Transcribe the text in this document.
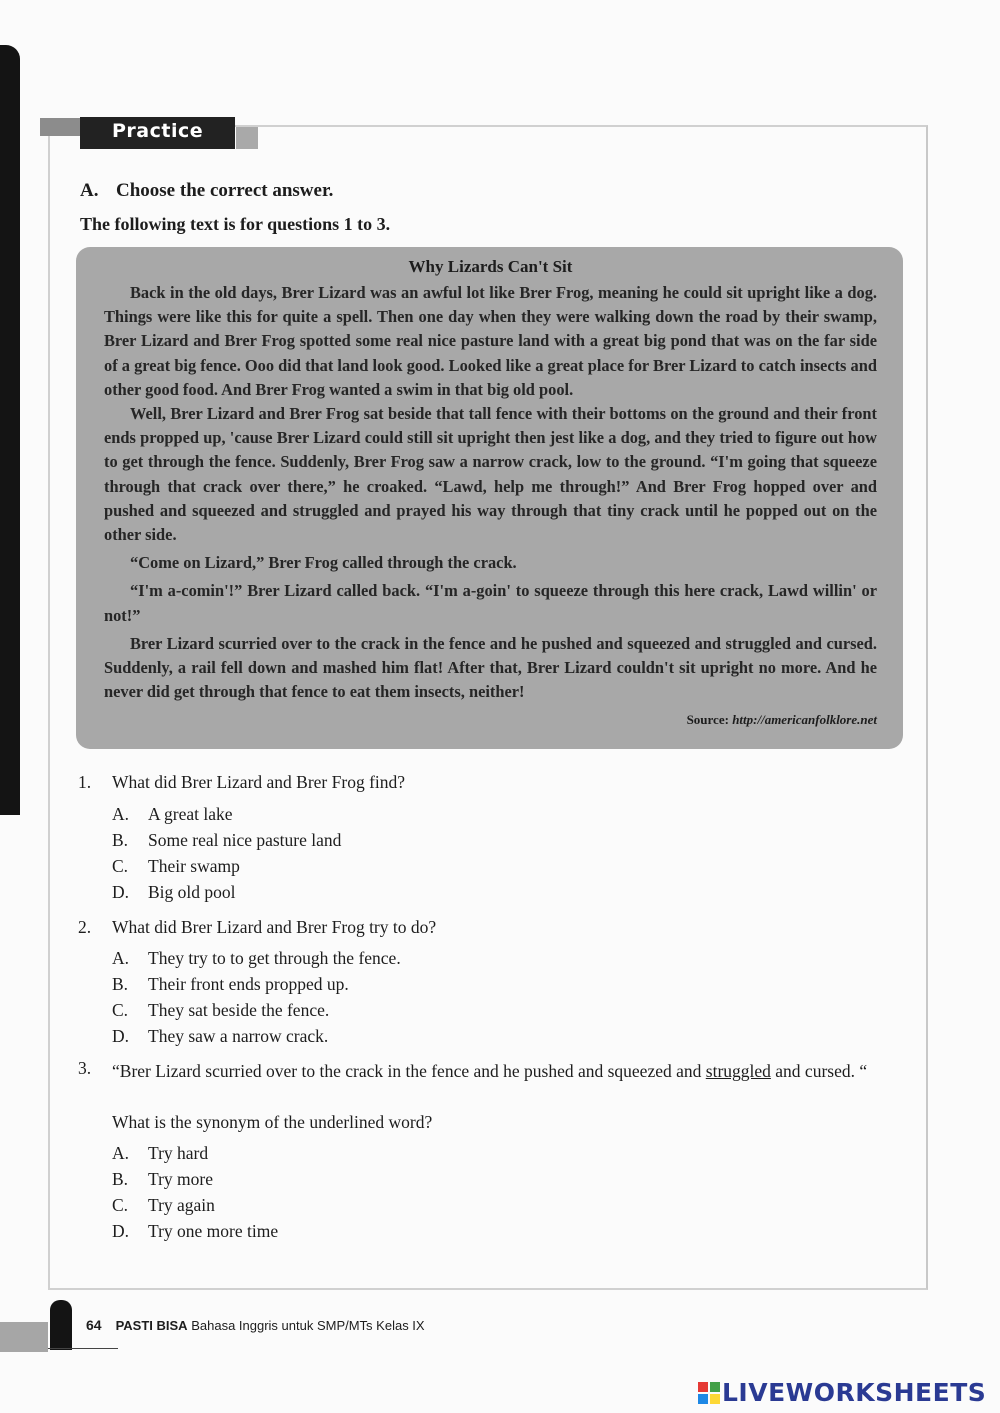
Practice
A. Choose the correct answer.
The following text is for questions 1 to 3.
Why Lizards Can't Sit

Back in the old days, Brer Lizard was an awful lot like Brer Frog, meaning he could sit upright like a dog. Things were like this for quite a spell. Then one day when they were walking down the road by their swamp, Brer Lizard and Brer Frog spotted some real nice pasture land with a great big pond that was on the far side of a great big fence. Ooo did that land look good. Looked like a great place for Brer Lizard to catch insects and other good food. And Brer Frog wanted a swim in that big old pool.

Well, Brer Lizard and Brer Frog sat beside that tall fence with their bottoms on the ground and their front ends propped up, 'cause Brer Lizard could still sit upright then jest like a dog, and they tried to figure out how to get through the fence. Suddenly, Brer Frog saw a narrow crack, low to the ground. “I'm going that squeeze through that crack over there,” he croaked. “Lawd, help me through!” And Brer Frog hopped over and pushed and squeezed and struggled and prayed his way through that tiny crack until he popped out on the other side.

“Come on Lizard,” Brer Frog called through the crack.

“I'm a-comin'!” Brer Lizard called back. “I'm a-goin' to squeeze through this here crack, Lawd willin' or not!”

Brer Lizard scurried over to the crack in the fence and he pushed and squeezed and struggled and cursed. Suddenly, a rail fell down and mashed him flat! After that, Brer Lizard couldn't sit upright no more. And he never did get through that fence to eat them insects, neither!

Source: http://americanfolklore.net
1. What did Brer Lizard and Brer Frog find?
A. A great lake
B. Some real nice pasture land
C. Their swamp
D. Big old pool
2. What did Brer Lizard and Brer Frog try to do?
A. They try to to get through the fence.
B. Their front ends propped up.
C. They sat beside the fence.
D. They saw a narrow crack.
3. “Brer Lizard scurried over to the crack in the fence and he pushed and squeezed and struggled and cursed. “
What is the synonym of the underlined word?
A. Try hard
B. Try more
C. Try again
D. Try one more time
64 PASTI BISA Bahasa Inggris untuk SMP/MTs Kelas IX
LIVEWORKSHEETS
